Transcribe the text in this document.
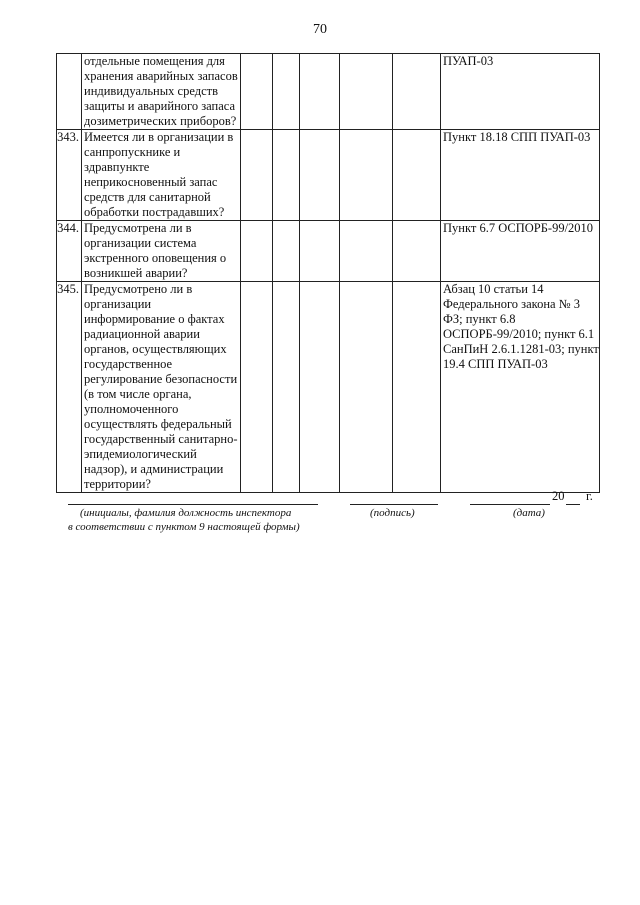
70
	отдельные помещения для хранения аварийных запасов индивидуальных средств защиты и аварийного запаса дозиметрических приборов?						ПУАП-03
343.	Имеется ли в организации в санпропускнике и здравпункте неприкосновенный запас средств для санитарной обработки пострадавших?						Пункт 18.18 СПП ПУАП-03
344.	Предусмотрена ли в организации система экстренного оповещения о возникшей аварии?						Пункт 6.7 ОСПОРБ-99/2010
345.	Предусмотрено ли в организации информирование о фактах радиационной аварии органов, осуществляющих государственное регулирование безопасности (в том числе органа, уполномоченного осуществлять федеральный государственный санитарно-эпидемиологический надзор), и администрации территории?						Абзац 10 статьи 14 Федерального закона № 3 ФЗ; пункт 6.8 ОСПОРБ-99/2010; пункт 6.1 СанПиН 2.6.1.1281-03; пункт 19.4 СПП ПУАП-03
(инициалы, фамилия должность инспектора
в соответствии с пунктом 9 настоящей формы)
(подпись)
20 г.
(дата)
